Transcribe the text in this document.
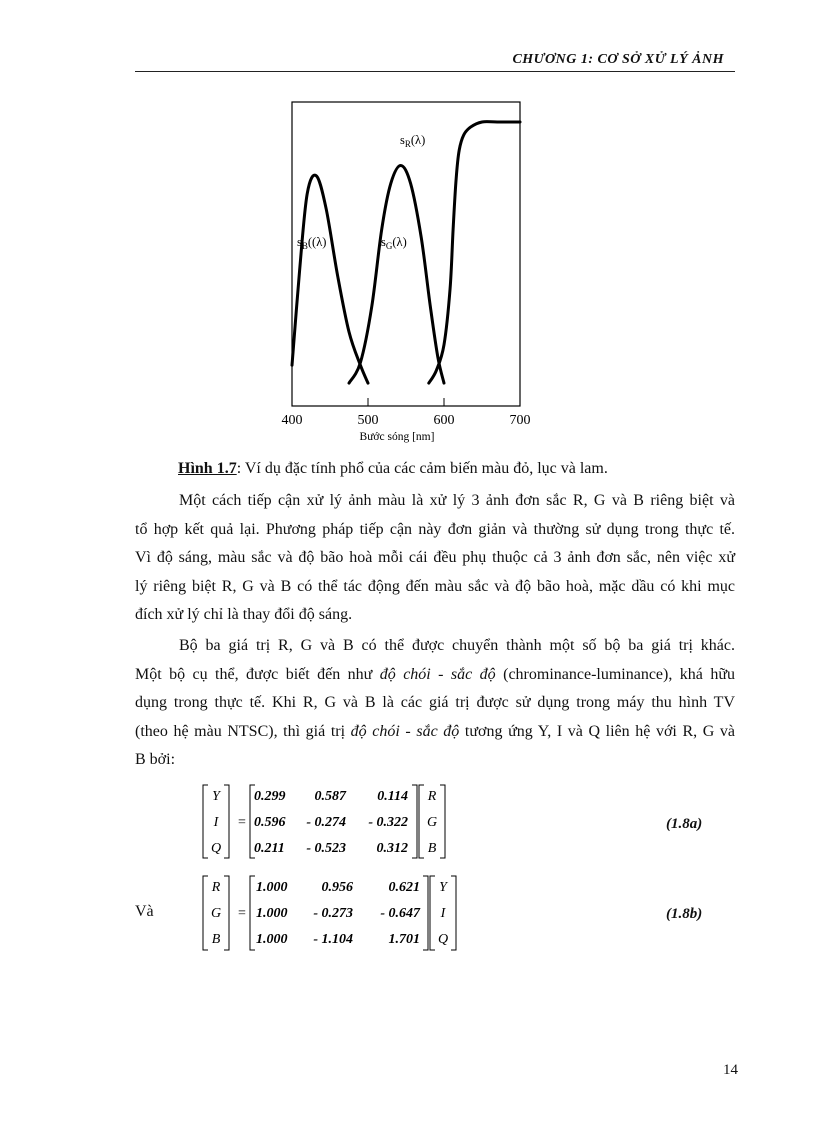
CHƯƠNG 1: CƠ SỞ XỬ LÝ ẢNH
400	500	600	700
$s_B((\lambda)$	$s_G(\lambda)$
$s_R(\lambda)$
Bước sóng [nm]
Hình 1.7: Ví dụ đặc tính phổ của các cảm biến màu đỏ, lục và lam.
Một cách tiếp cận xử lý ảnh màu là xử lý 3 ảnh đơn sắc R, G và B riêng biệt và
tổ hợp kết quả lại. Phương pháp tiếp cận này đơn giản và thường sử dụng trong thực tế.
Vì độ sáng, màu sắc và độ bão hoà mỗi cái đều phụ thuộc cả 3 ảnh đơn sắc, nên việc xử
lý riêng biệt R, G và B có thể tác động đến màu sắc và độ bão hoà, mặc dầu có khi mục
đích xử lý chỉ là thay đổi độ sáng.
Bộ ba giá trị R, G và B có thể được chuyển thành một số bộ ba giá trị khác.
Một bộ cụ thể, được biết đến như độ chói - sắc độ (chrominance-luminance), khá hữu
dụng trong thực tế. Khi R, G và B là các giá trị được sử dụng trong máy thu hình TV
(theo hệ màu NTSC), thì giá trị độ chói - sắc độ tương ứng Y, I và Q liên hệ với R, G và
B bởi:
Y
I
Q
=
0.299 0.587 0.114
0.596 - 0.274 - 0.322
0.211 - 0.523 0.312
R
G
B
R
G
B
=
1.000 0.956	0.621
1.000 - 0.273 - 0.647
1.000 - 1.104	1.701
Y
I
Q
(1.8a)
Và	(1.8b)
14
